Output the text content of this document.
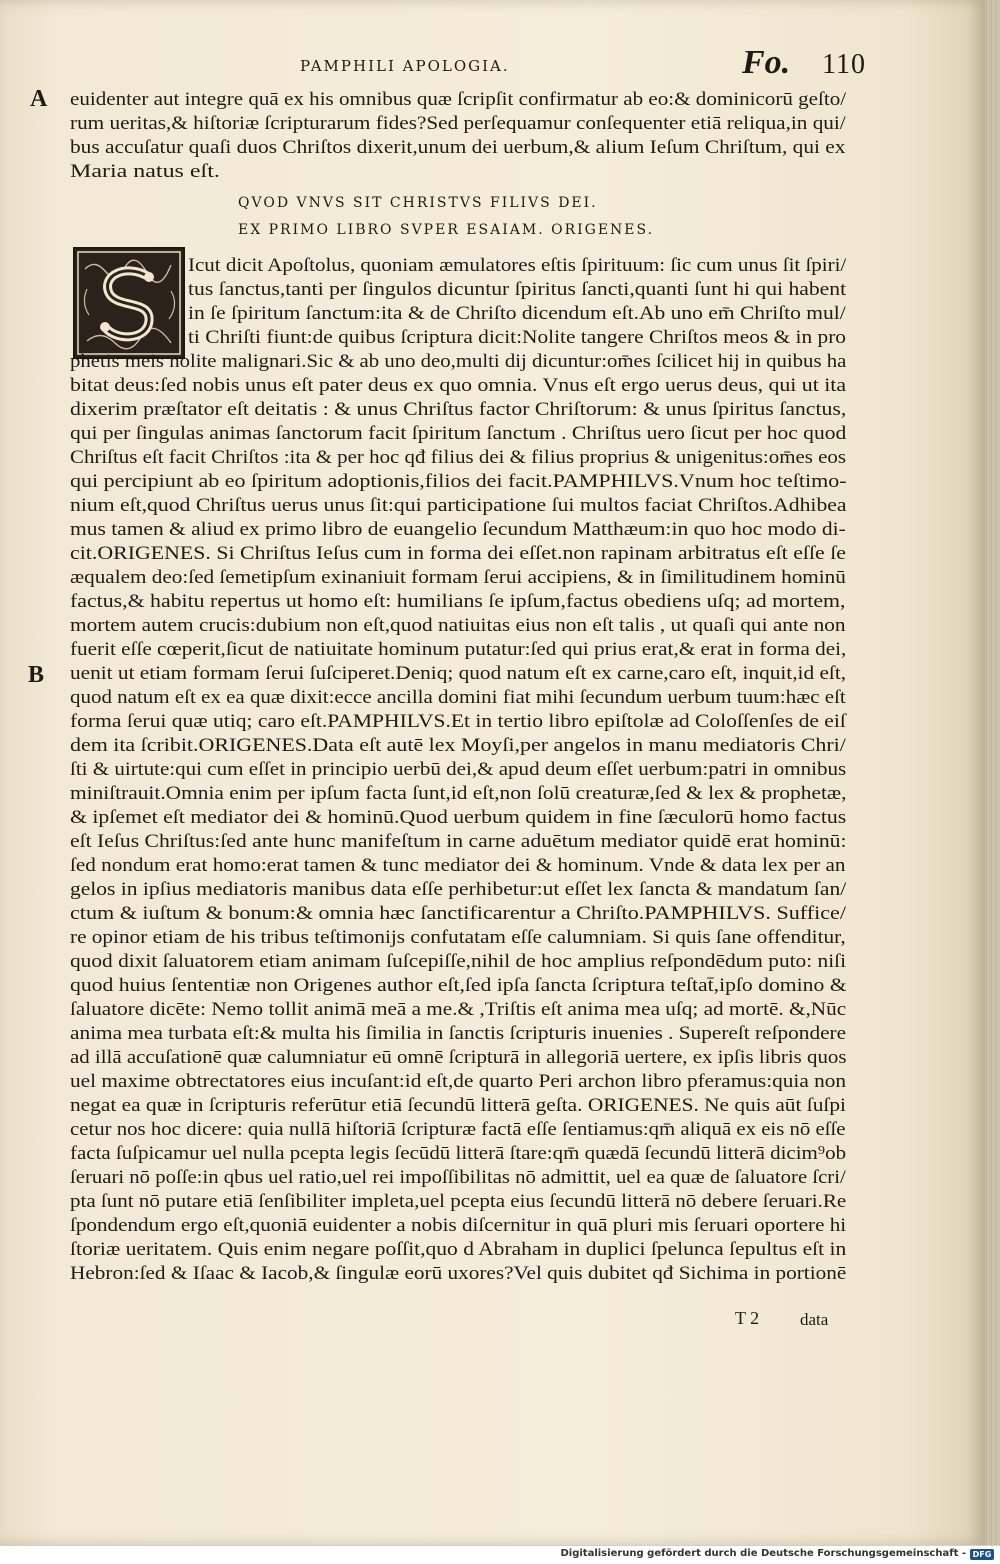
PAMPHILI APOLOGIA.	Fo. 110
A
B
QVOD VNVS SIT CHRISTVS FILIVS DEI.
EX PRIMO LIBRO SVPER ESAIAM. ORIGENES.
euidenter aut integre quā ex his omnibus quæ ſcripſit confirmatur ab eo:& dominicorū geſto/
rum ueritas,& hiſtoriæ ſcripturarum fides?Sed perſequamur conſequenter etiā reliqua,in qui/
bus accuſatur quaſi duos Chriſtos dixerit,unum dei uerbum,& alium Ieſum Chriſtum, qui ex
Maria natus eſt.
Icut dicit Apoſtolus, quoniam æmulatores eſtis ſpirituum: ſic cum unus ſit ſpiri/
tus ſanctus,tanti per ſingulos dicuntur ſpiritus ſancti,quanti ſunt hi qui habent
in ſe ſpiritum ſanctum:ita & de Chriſto dicendum eſt.Ab uno em̄ Chriſto mul/
ti Chriſti fiunt:de quibus ſcriptura dicit:Nolite tangere Chriſtos meos & in pro
phetis meis nolite malignari.Sic & ab uno deo,multi dij dicuntur:om̄es ſcilicet hij in quibus ha
bitat deus:ſed nobis unus eſt pater deus ex quo omnia. Vnus eſt ergo uerus deus, qui ut ita
dixerim præſtator eſt deitatis : & unus Chriſtus factor Chriſtorum: & unus ſpiritus ſanctus,
qui per ſingulas animas ſanctorum facit ſpiritum ſanctum . Chriſtus uero ſicut per hoc quod
Chriſtus eſt facit Chriſtos :ita & per hoc qđ filius dei & filius proprius & unigenitus:om̄es eos
qui percipiunt ab eo ſpiritum adoptionis,filios dei facit.PAMPHILVS.Vnum hoc teſtimo-
nium eſt,quod Chriſtus uerus unus ſit:qui participatione ſui multos faciat Chriſtos.Adhibea
mus tamen & aliud ex primo libro de euangelio ſecundum Matthæum:in quo hoc modo di-
cit.ORIGENES. Si Chriſtus Ieſus cum in forma dei eſſet.non rapinam arbitratus eſt eſſe ſe
æqualem deo:ſed ſemetipſum exinaniuit formam ſerui accipiens, & in ſimilitudinem hominū
factus,& habitu repertus ut homo eſt: humilians ſe ipſum,factus obediens uſq; ad mortem,
mortem autem crucis:dubium non eſt,quod natiuitas eius non eſt talis , ut quaſi qui ante non
fuerit eſſe cœperit,ſicut de natiuitate hominum putatur:ſed qui prius erat,& erat in forma dei,
uenit ut etiam formam ſerui ſuſciperet.Deniq; quod natum eſt ex carne,caro eſt, inquit,id eſt,
quod natum eſt ex ea quæ dixit:ecce ancilla domini fiat mihi ſecundum uerbum tuum:hæc eſt
forma ſerui quæ utiq; caro eſt.PAMPHILVS.Et in tertio libro epiſtolæ ad Coloſſenſes de eiſ
dem ita ſcribit.ORIGENES.Data eſt autē lex Moyſi,per angelos in manu mediatoris Chri/
ſti & uirtute:qui cum eſſet in principio uerbū dei,& apud deum eſſet uerbum:patri in omnibus
miniſtrauit.Omnia enim per ipſum facta ſunt,id eſt,non ſolū creaturæ,ſed & lex & prophetæ,
& ipſemet eſt mediator dei & hominū.Quod uerbum quidem in fine ſæculorū homo factus
eſt Ieſus Chriſtus:ſed ante hunc manifeſtum in carne aduētum mediator quidē erat hominū:
ſed nondum erat homo:erat tamen & tunc mediator dei & hominum. Vnde & data lex per an
gelos in ipſius mediatoris manibus data eſſe perhibetur:ut eſſet lex ſancta & mandatum ſan/
ctum & iuſtum & bonum:& omnia hæc ſanctificarentur a Chriſto.PAMPHILVS. Suffice/
re opinor etiam de his tribus teſtimonijs confutatam eſſe calumniam. Si quis ſane offenditur,
quod dixit ſaluatorem etiam animam ſuſcepiſſe,nihil de hoc amplius reſpondēdum puto: niſi
quod huius ſententiæ non Origenes author eſt,ſed ipſa ſancta ſcriptura teſtat̄,ipſo domino &
ſaluatore dicēte: Nemo tollit animā meā a me.& ,Triſtis eſt anima mea uſq; ad mortē. &,Nūc
anima mea turbata eſt:& multa his ſimilia in ſanctis ſcripturis inuenies . Supereſt reſpondere
ad illā accuſationē quæ calumniatur eū omnē ſcripturā in allegoriā uertere, ex ipſis libris quos
uel maxime obtrectatores eius incuſant:id eſt,de quarto Peri archon libro pferamus:quia non
negat ea quæ in ſcripturis referūtur etiā ſecundū litterā geſta. ORIGENES. Ne quis aūt ſuſpi
cetur nos hoc dicere: quia nullā hiſtoriā ſcripturæ factā eſſe ſentiamus:qm̄ aliquā ex eis nō eſſe
facta ſuſpicamur uel nulla pcepta legis ſecūdū litterā ſtare:qm̄ quædā ſecundū litterā dicim⁹ob
ſeruari nō poſſe:in qbus uel ratio,uel rei impoſſibilitas nō admittit, uel ea quæ de ſaluatore ſcri/
pta ſunt nō putare etiā ſenſibiliter impleta,uel pcepta eius ſecundū litterā nō debere ſeruari.Re
ſpondendum ergo eſt,quoniā euidenter a nobis diſcernitur in quā pluri mis ſeruari oportere hi
ſtoriæ ueritatem. Quis enim negare poſſit,quo d Abraham in duplici ſpelunca ſepultus eſt in
Hebron:ſed & Iſaac & Iacob,& ſingulæ eorū uxores?Vel quis dubitet qđ Sichima in portionē
T 2 data
Digitalisierung gefördert durch die Deutsche Forschungsgemeinschaft - DFG
